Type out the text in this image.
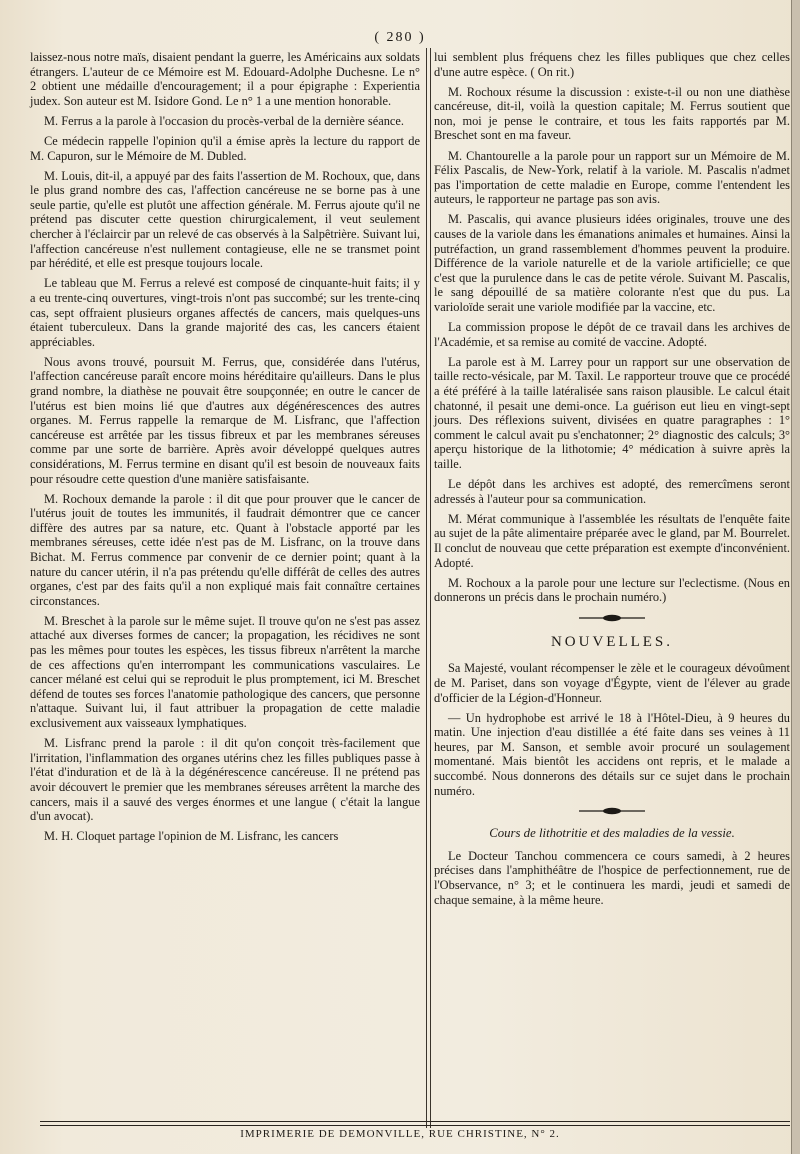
( 280 )

laissez-nous notre maïs, disaient pendant la guerre, les Américains aux soldats étrangers. L'auteur de ce Mémoire est M. Edouard-Adolphe Duchesne. Le n° 2 obtient une médaille d'encouragement; il a pour épigraphe : Experientia judex. Son auteur est M. Isidore Gond. Le n° 1 a une mention honorable.

M. Ferrus a la parole à l'occasion du procès-verbal de la dernière séance.

Ce médecin rappelle l'opinion qu'il a émise après la lecture du rapport de M. Capuron, sur le Mémoire de M. Dubled.

M. Louis, dit-il, a appuyé par des faits l'assertion de M. Rochoux, que, dans le plus grand nombre des cas, l'affection cancéreuse ne se borne pas à une seule partie, qu'elle est plutôt une affection générale. M. Ferrus ajoute qu'il ne prétend pas discuter cette question chirurgicalement, il veut seulement chercher à l'éclaircir par un relevé de cas observés à la Salpêtrière. Suivant lui, l'affection cancéreuse n'est nullement contagieuse, elle ne se transmet point par hérédité, et elle est presque toujours locale.

Le tableau que M. Ferrus a relevé est composé de cinquante-huit faits; il y a eu trente-cinq ouvertures, vingt-trois n'ont pas succombé; sur les trente-cinq cas, sept offraient plusieurs organes affectés de cancers, mais quelques-uns étaient tuberculeux. Dans la grande majorité des cas, les cancers étaient appréciables.

Nous avons trouvé, poursuit M. Ferrus, que, considérée dans l'utérus, l'affection cancéreuse paraît encore moins héréditaire qu'ailleurs. Dans le plus grand nombre, la diathèse ne pouvait être soupçonnée; en outre le cancer de l'utérus est bien moins lié que d'autres aux dégénérescences des autres organes. M. Ferrus rappelle la remarque de M. Lisfranc, que l'affection cancéreuse est arrêtée par les tissus fibreux et par les membranes séreuses comme par une sorte de barrière. Après avoir développé quelques autres considérations, M. Ferrus termine en disant qu'il est besoin de nouveaux faits pour résoudre cette question d'une manière satisfaisante.

M. Rochoux demande la parole : il dit que pour prouver que le cancer de l'utérus jouit de toutes les immunités, il faudrait démontrer que ce cancer diffère des autres par sa nature, etc. Quant à l'obstacle apporté par les membranes séreuses, cette idée n'est pas de M. Lisfranc, on la trouve dans Bichat. M. Ferrus commence par convenir de ce dernier point; quant à la nature du cancer utérin, il n'a pas prétendu qu'elle différât de celles des autres organes, c'est par des faits qu'il a non expliqué mais fait connaître certaines circonstances.

M. Breschet à la parole sur le même sujet. Il trouve qu'on ne s'est pas assez attaché aux diverses formes de cancer; la propagation, les récidives ne sont pas les mêmes pour toutes les espèces, les tissus fibreux n'arrêtent la marche de ces affections qu'en interrompant les communications vasculaires. Le cancer mélané est celui qui se reproduit le plus promptement, ici M. Breschet défend de toutes ses forces l'anatomie pathologique des cancers, que personne n'attaque. Suivant lui, il faut attribuer la propagation de cette maladie exclusivement aux vaisseaux lymphatiques.

M. Lisfranc prend la parole : il dit qu'on conçoit très-facilement que l'irritation, l'inflammation des organes utérins chez les filles publiques passe à l'état d'induration et de là à la dégénérescence cancéreuse. Il ne prétend pas avoir découvert le premier que les membranes séreuses arrêtent la marche des cancers, mais il a sauvé des verges énormes et une langue ( c'était la langue d'un avocat).

M. H. Cloquet partage l'opinion de M. Lisfranc, les cancers

lui semblent plus fréquens chez les filles publiques que chez celles d'une autre espèce. ( On rit.)

M. Rochoux résume la discussion : existe-t-il ou non une diathèse cancéreuse, dit-il, voilà la question capitale; M. Ferrus soutient que non, moi je pense le contraire, et tous les faits rapportés par M. Breschet sont en ma faveur.

M. Chantourelle a la parole pour un rapport sur un Mémoire de M. Félix Pascalis, de New-York, relatif à la variole. M. Pascalis n'admet pas l'importation de cette maladie en Europe, comme l'entendent les auteurs, le rapporteur ne partage pas son avis.

M. Pascalis, qui avance plusieurs idées originales, trouve une des causes de la variole dans les émanations animales et humaines. Ainsi la putréfaction, un grand rassemblement d'hommes peuvent la produire. Différence de la variole naturelle et de la variole artificielle; ce que c'est que la purulence dans le cas de petite vérole. Suivant M. Pascalis, le sang dépouillé de sa matière colorante n'est que du pus. La varioloïde serait une variole modifiée par la vaccine, etc.

La commission propose le dépôt de ce travail dans les archives de l'Académie, et sa remise au comité de vaccine. Adopté.

La parole est à M. Larrey pour un rapport sur une observation de taille recto-vésicale, par M. Taxil. Le rapporteur trouve que ce procédé a été préféré à la taille latéralisée sans raison plausible. Le calcul était chatonné, il pesait une demi-once. La guérison eut lieu en vingt-sept jours. Des réflexions suivent, divisées en quatre paragraphes : 1° comment le calcul avait pu s'enchatonner; 2° diagnostic des calculs; 3° aperçu historique de la lithotomie; 4° médication à suivre après la taille.

Le dépôt dans les archives est adopté, des remercîmens seront adressés à l'auteur pour sa communication.

M. Mérat communique à l'assemblée les résultats de l'enquête faite au sujet de la pâte alimentaire préparée avec le gland, par M. Bourrelet. Il conclut de nouveau que cette préparation est exempte d'inconvénient. Adopté.

M. Rochoux a la parole pour une lecture sur l'eclectisme. (Nous en donnerons un précis dans le prochain numéro.)

NOUVELLES.

Sa Majesté, voulant récompenser le zèle et le courageux dévoûment de M. Pariset, dans son voyage d'Égypte, vient de l'élever au grade d'officier de la Légion-d'Honneur.

— Un hydrophobe est arrivé le 18 à l'Hôtel-Dieu, à 9 heures du matin. Une injection d'eau distillée a été faite dans ses veines à 11 heures, par M. Sanson, et semble avoir procuré un soulagement momentané. Mais bientôt les accidens ont repris, et le malade a succombé. Nous donnerons des détails sur ce sujet dans le prochain numéro.

Cours de lithotritie et des maladies de la vessie.

Le Docteur Tanchou commencera ce cours samedi, à 2 heures précises dans l'amphithéâtre de l'hospice de perfectionnement, rue de l'Observance, n° 3; et le continuera les mardi, jeudi et samedi de chaque semaine, à la même heure.

IMPRIMERIE DE DEMONVILLE, RUE CHRISTINE, N° 2.
